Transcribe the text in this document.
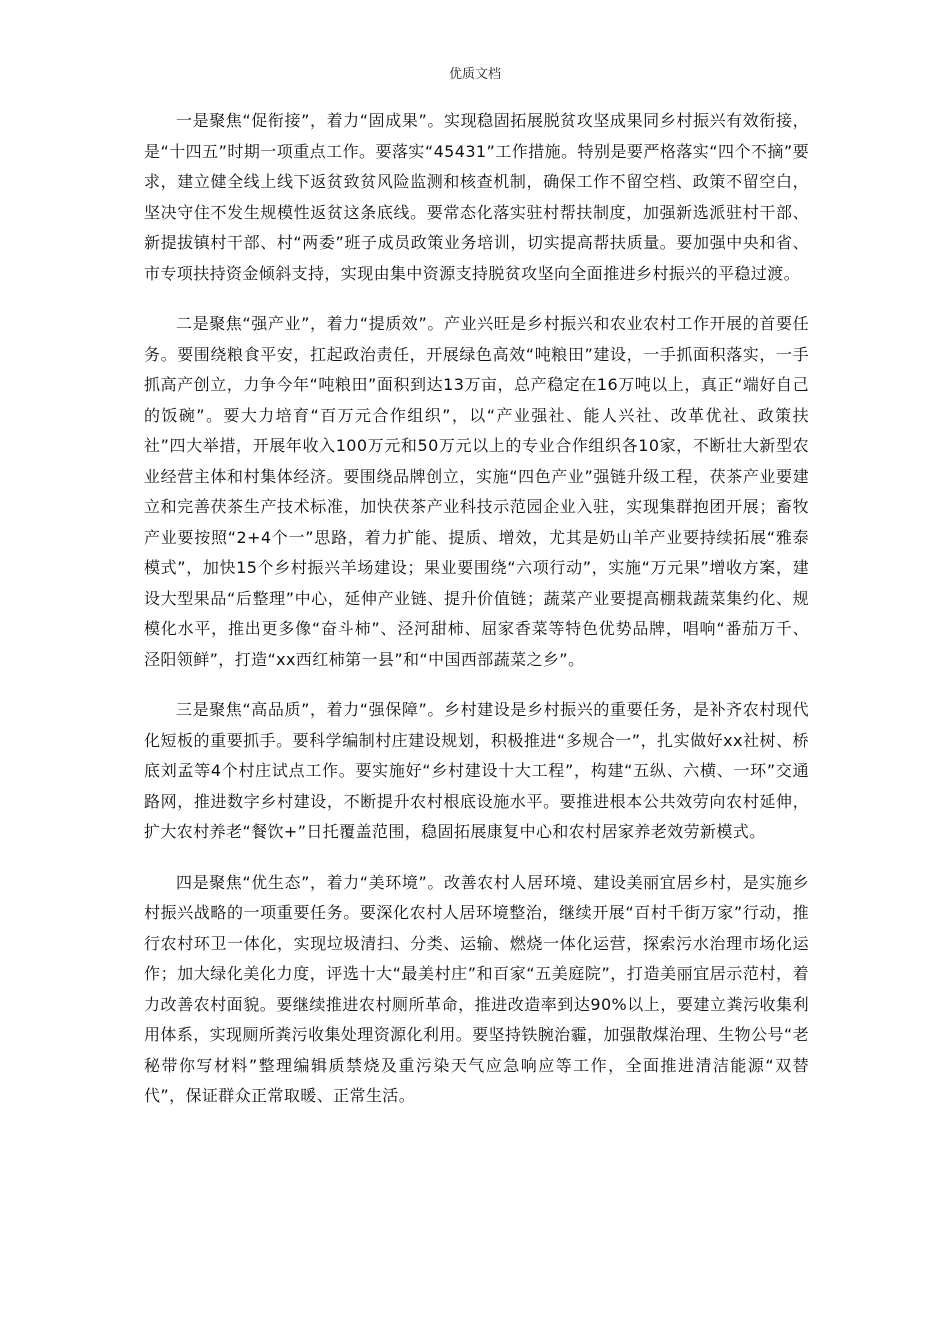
优质文档

一是聚焦“促衔接”，着力“固成果”。实现稳固拓展脱贫攻坚成果同乡村振兴有效衔接，是“十四五”时期一项重点工作。要落实“45431”工作措施。特别是要严格落实“四个不摘”要求，建立健全线上线下返贫致贫风险监测和核查机制，确保工作不留空档、政策不留空白，坚决守住不发生规模性返贫这条底线。要常态化落实驻村帮扶制度，加强新选派驻村干部、新提拔镇村干部、村“两委”班子成员政策业务培训，切实提高帮扶质量。要加强中央和省、市专项扶持资金倾斜支持，实现由集中资源支持脱贫攻坚向全面推进乡村振兴的平稳过渡。

二是聚焦“强产业”，着力“提质效”。产业兴旺是乡村振兴和农业农村工作开展的首要任务。要围绕粮食平安，扛起政治责任，开展绿色高效“吨粮田”建设，一手抓面积落实，一手抓高产创立，力争今年“吨粮田”面积到达13万亩，总产稳定在16万吨以上，真正“端好自己的饭碗”。要大力培育“百万元合作组织”，以“产业强社、能人兴社、改革优社、政策扶社”四大举措，开展年收入100万元和50万元以上的专业合作组织各10家，不断壮大新型农业经营主体和村集体经济。要围绕品牌创立，实施“四色产业”强链升级工程，茯茶产业要建立和完善茯茶生产技术标准，加快茯茶产业科技示范园企业入驻，实现集群抱团开展；畜牧产业要按照“2+4个一”思路，着力扩能、提质、增效，尤其是奶山羊产业要持续拓展“雅泰模式”，加快15个乡村振兴羊场建设；果业要围绕“六项行动”，实施“万元果”增收方案，建设大型果品“后整理”中心，延伸产业链、提升价值链；蔬菜产业要提高棚栽蔬菜集约化、规模化水平，推出更多像“奋斗柿”、泾河甜柿、屈家香菜等特色优势品牌，唱响“番茄万千、泾阳领鲜”，打造“xx西红柿第一县”和“中国西部蔬菜之乡”。

三是聚焦“高品质”，着力“强保障”。乡村建设是乡村振兴的重要任务，是补齐农村现代化短板的重要抓手。要科学编制村庄建设规划，积极推进“多规合一”，扎实做好xx社树、桥底刘孟等4个村庄试点工作。要实施好“乡村建设十大工程”，构建“五纵、六横、一环”交通路网，推进数字乡村建设，不断提升农村根底设施水平。要推进根本公共效劳向农村延伸，扩大农村养老“餐饮+”日托覆盖范围，稳固拓展康复中心和农村居家养老效劳新模式。

四是聚焦“优生态”，着力“美环境”。改善农村人居环境、建设美丽宜居乡村，是实施乡村振兴战略的一项重要任务。要深化农村人居环境整治，继续开展“百村千街万家”行动，推行农村环卫一体化，实现垃圾清扫、分类、运输、燃烧一体化运营，探索污水治理市场化运作；加大绿化美化力度，评选十大“最美村庄”和百家“五美庭院”，打造美丽宜居示范村，着力改善农村面貌。要继续推进农村厕所革命，推进改造率到达90%以上，要建立粪污收集利用体系，实现厕所粪污收集处理资源化利用。要坚持铁腕治霾，加强散煤治理、生物公号“老秘带你写材料”整理编辑质禁烧及重污染天气应急响应等工作，全面推进清洁能源“双替代”，保证群众正常取暖、正常生活。
